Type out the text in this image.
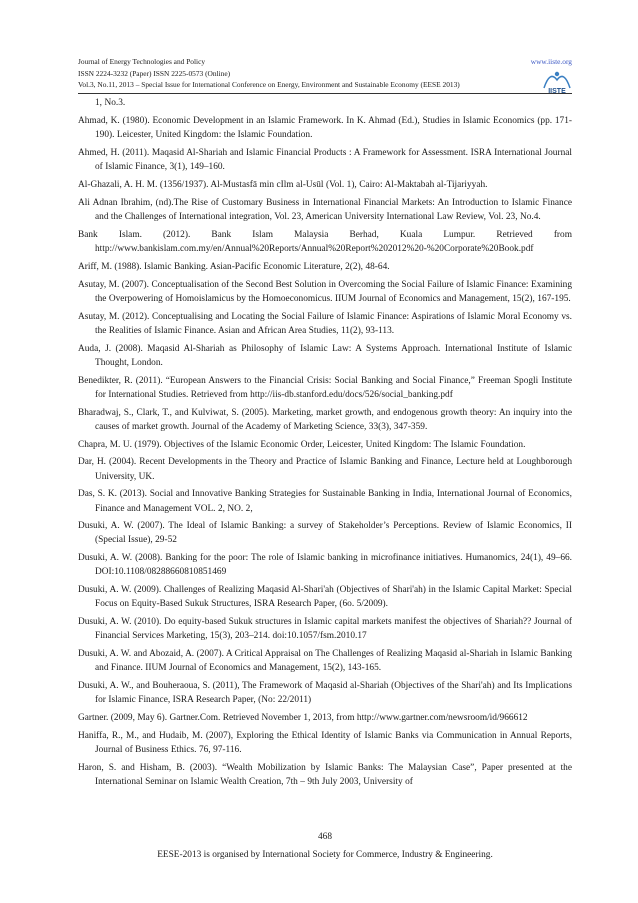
Journal of Energy Technologies and Policy	www.iiste.org
ISSN 2224-3232 (Paper) ISSN 2225-0573 (Online)
Vol.3, No.11, 2013 – Special Issue for International Conference on Energy, Environment and Sustainable Economy (EESE 2013)
IISTE

1, No.3.

Ahmad, K. (1980). Economic Development in an Islamic Framework. In K. Ahmad (Ed.), Studies in Islamic Economics (pp. 171-190). Leicester, United Kingdom: the Islamic Foundation.

Ahmed, H. (2011). Maqasid Al-Shariah and Islamic Financial Products : A Framework for Assessment. ISRA International Journal of Islamic Finance, 3(1), 149–160.

Al-Ghazali, A. H. M. (1356/1937). Al-Mustasfā min cIlm al-Usūl (Vol. 1), Cairo: Al-Maktabah al-Tijariyyah.

Ali Adnan Ibrahim, (nd).The Rise of Customary Business in International Financial Markets: An Introduction to Islamic Finance and the Challenges of International integration, Vol. 23, American University International Law Review, Vol. 23, No.4.

Bank Islam. (2012). Bank Islam Malaysia Berhad, Kuala Lumpur. Retrieved from http://www.bankislam.com.my/en/Annual%20Reports/Annual%20Report%202012%20-%20Corporate%20Book.pdf

Ariff, M. (1988). Islamic Banking. Asian-Pacific Economic Literature, 2(2), 48-64.

Asutay, M. (2007). Conceptualisation of the Second Best Solution in Overcoming the Social Failure of Islamic Finance: Examining the Overpowering of Homoislamicus by the Homoeconomicus. IIUM Journal of Economics and Management, 15(2), 167-195.

Asutay, M. (2012). Conceptualising and Locating the Social Failure of Islamic Finance: Aspirations of Islamic Moral Economy vs. the Realities of Islamic Finance. Asian and African Area Studies, 11(2), 93-113.

Auda, J. (2008). Maqasid Al-Shariah as Philosophy of Islamic Law: A Systems Approach. International Institute of Islamic Thought, London.

Benedikter, R. (2011). “European Answers to the Financial Crisis: Social Banking and Social Finance,” Freeman Spogli Institute for International Studies. Retrieved from http://iis-db.stanford.edu/docs/526/social_banking.pdf

Bharadwaj, S., Clark, T., and Kulviwat, S. (2005). Marketing, market growth, and endogenous growth theory: An inquiry into the causes of market growth. Journal of the Academy of Marketing Science, 33(3), 347-359.

Chapra, M. U. (1979). Objectives of the Islamic Economic Order, Leicester, United Kingdom: The Islamic Foundation.

Dar, H. (2004). Recent Developments in the Theory and Practice of Islamic Banking and Finance, Lecture held at Loughborough University, UK.

Das, S. K. (2013). Social and Innovative Banking Strategies for Sustainable Banking in India, International Journal of Economics, Finance and Management VOL. 2, NO. 2,

Dusuki, A. W. (2007). The Ideal of Islamic Banking: a survey of Stakeholder’s Perceptions. Review of Islamic Economics, II (Special Issue), 29-52

Dusuki, A. W. (2008). Banking for the poor: The role of Islamic banking in microfinance initiatives. Humanomics, 24(1), 49–66. DOI:10.1108/08288660810851469

Dusuki, A. W. (2009). Challenges of Realizing Maqasid Al-Shari'ah (Objectives of Shari'ah) in the Islamic Capital Market: Special Focus on Equity-Based Sukuk Structures, ISRA Research Paper, (6o. 5/2009).

Dusuki, A. W. (2010). Do equity-based Sukuk structures in Islamic capital markets manifest the objectives of Shariah?? Journal of Financial Services Marketing, 15(3), 203–214. doi:10.1057/fsm.2010.17

Dusuki, A. W. and Abozaid, A. (2007). A Critical Appraisal on The Challenges of Realizing Maqasid al-Shariah in Islamic Banking and Finance. IIUM Journal of Economics and Management, 15(2), 143-165.

Dusuki, A. W., and Bouheraoua, S. (2011), The Framework of Maqasid al-Shariah (Objectives of the Shari'ah) and Its Implications for Islamic Finance, ISRA Research Paper, (No: 22/2011)

Gartner. (2009, May 6). Gartner.Com. Retrieved November 1, 2013, from http://www.gartner.com/newsroom/id/966612

Haniffa, R., M., and Hudaib, M. (2007), Exploring the Ethical Identity of Islamic Banks via Communication in Annual Reports, Journal of Business Ethics. 76, 97-116.

Haron, S. and Hisham, B. (2003). “Wealth Mobilization by Islamic Banks: The Malaysian Case”, Paper presented at the International Seminar on Islamic Wealth Creation, 7th – 9th July 2003, University of

468
EESE-2013 is organised by International Society for Commerce, Industry & Engineering.
